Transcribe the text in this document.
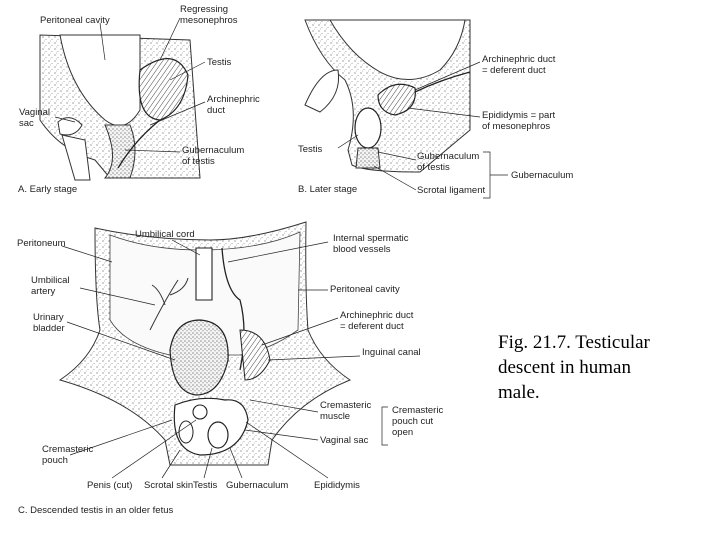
Peritoneal cavity
Regressing
mesonephros
Testis
Vaginal
sac
Archinephric
duct
Gubernaculum
of testis
A. Early stage
Archinephric duct
= deferent duct
Epididymis = part
of mesonephros
Testis
Gubernaculum
of testis
Scrotal ligament
Gubernaculum
B. Later stage
Umbilical cord
Peritoneum
Umbilical
artery
Urinary
bladder
Internal spermatic
blood vessels
Peritoneal cavity
Archinephric duct
= deferent duct
Inguinal canal
Cremasteric
muscle
Cremasteric
pouch cut
open
Vaginal sac
Cremasteric
pouch
Penis (cut) Scrotal skin Testis Gubernaculum	Epididymis
C. Descended testis in an older fetus
Fig. 21.7. Testicular
descent in human
male.
